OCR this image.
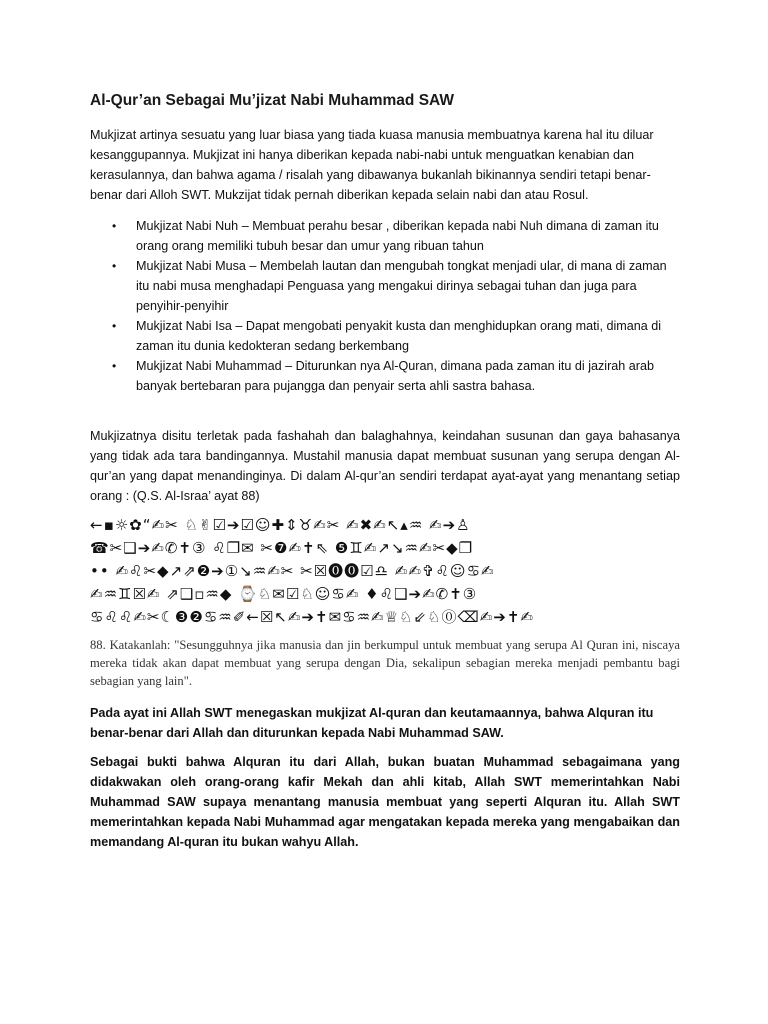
Al-Qur’an Sebagai Mu’jizat Nabi Muhammad SAW

Mukjizat artinya sesuatu yang luar biasa yang tiada kuasa manusia membuatnya karena hal itu diluar kesanggupannya. Mukjizat ini hanya diberikan kepada nabi-nabi untuk menguatkan kenabian dan kerasulannya, dan bahwa agama / risalah yang dibawanya bukanlah bikinannya sendiri tetapi benar-benar dari Alloh SWT. Mukzijat tidak pernah diberikan kepada selain nabi dan atau Rosul.

• Mukjizat Nabi Nuh – Membuat perahu besar , diberikan kepada nabi Nuh dimana di zaman itu orang orang memiliki tubuh besar dan umur yang ribuan tahun
• Mukjizat Nabi Musa – Membelah lautan dan mengubah tongkat menjadi ular, di mana di zaman itu nabi musa menghadapi Penguasa yang mengakui dirinya sebagai tuhan dan juga para penyihir-penyihir
• Mukjizat Nabi Isa – Dapat mengobati penyakit kusta dan menghidupkan orang mati, dimana di zaman itu dunia kedokteran sedang berkembang
• Mukjizat Nabi Muhammad – Diturunkan nya Al-Quran, dimana pada zaman itu di jazirah arab banyak bertebaran para pujangga dan penyair serta ahli sastra bahasa.

Mukjizatnya disitu terletak pada fashahah dan balaghahnya, keindahan susunan dan gaya bahasanya yang tidak ada tara bandingannya. Mustahil manusia dapat membuat susunan yang serupa dengan Al-qur’an yang dapat menandinginya. Di dalam Al-qur’an sendiri terdapat ayat-ayat yang menantang setiap orang : (Q.S. Al-Israa’ ayat 88)

←▪☼✿“✍✂ ♘✌☑➔☑☺✚⇕♉✍✂ ✍✖✍↖▴♒ ✍➔♙
☎✂❑➔✍✆✝③ ♌❐✉ ✂❼✍✝⇖ ❺♊✍↗↘♒✍✂◆❐
•• ✍♌✂◆↗⇗❷➔①↘♒✍✂ ✂☒⓿⓿☑♎ ✍✍✞♌☺♋✍
✍♒♊☒✍ ⇗❑▫♒◆ ⌚♘✉☑♘☺♋✍ ♦♌❑➔✍✆✝③
♋♌♌✍✂☾❸❷♋♒✐←☒↖✍➔✝✉♋♒✍♕♘⇙♘⓪⌫✍➔✝✍

88. Katakanlah: "Sesungguhnya jika manusia dan jin berkumpul untuk membuat yang serupa Al Quran ini, niscaya mereka tidak akan dapat membuat yang serupa dengan Dia, sekalipun sebagian mereka menjadi pembantu bagi sebagian yang lain".

Pada ayat ini Allah SWT menegaskan mukjizat Al-quran dan keutamaannya, bahwa Alquran itu benar-benar dari Allah dan diturunkan kepada Nabi Muhammad SAW.

Sebagai bukti bahwa Alquran itu dari Allah, bukan buatan Muhammad sebagaimana yang didakwakan oleh orang-orang kafir Mekah dan ahli kitab, Allah SWT memerintahkan Nabi Muhammad SAW supaya menantang manusia membuat yang seperti Alquran itu. Allah SWT memerintahkan kepada Nabi Muhammad agar mengatakan kepada mereka yang mengabaikan dan memandang Al-quran itu bukan wahyu Allah.
